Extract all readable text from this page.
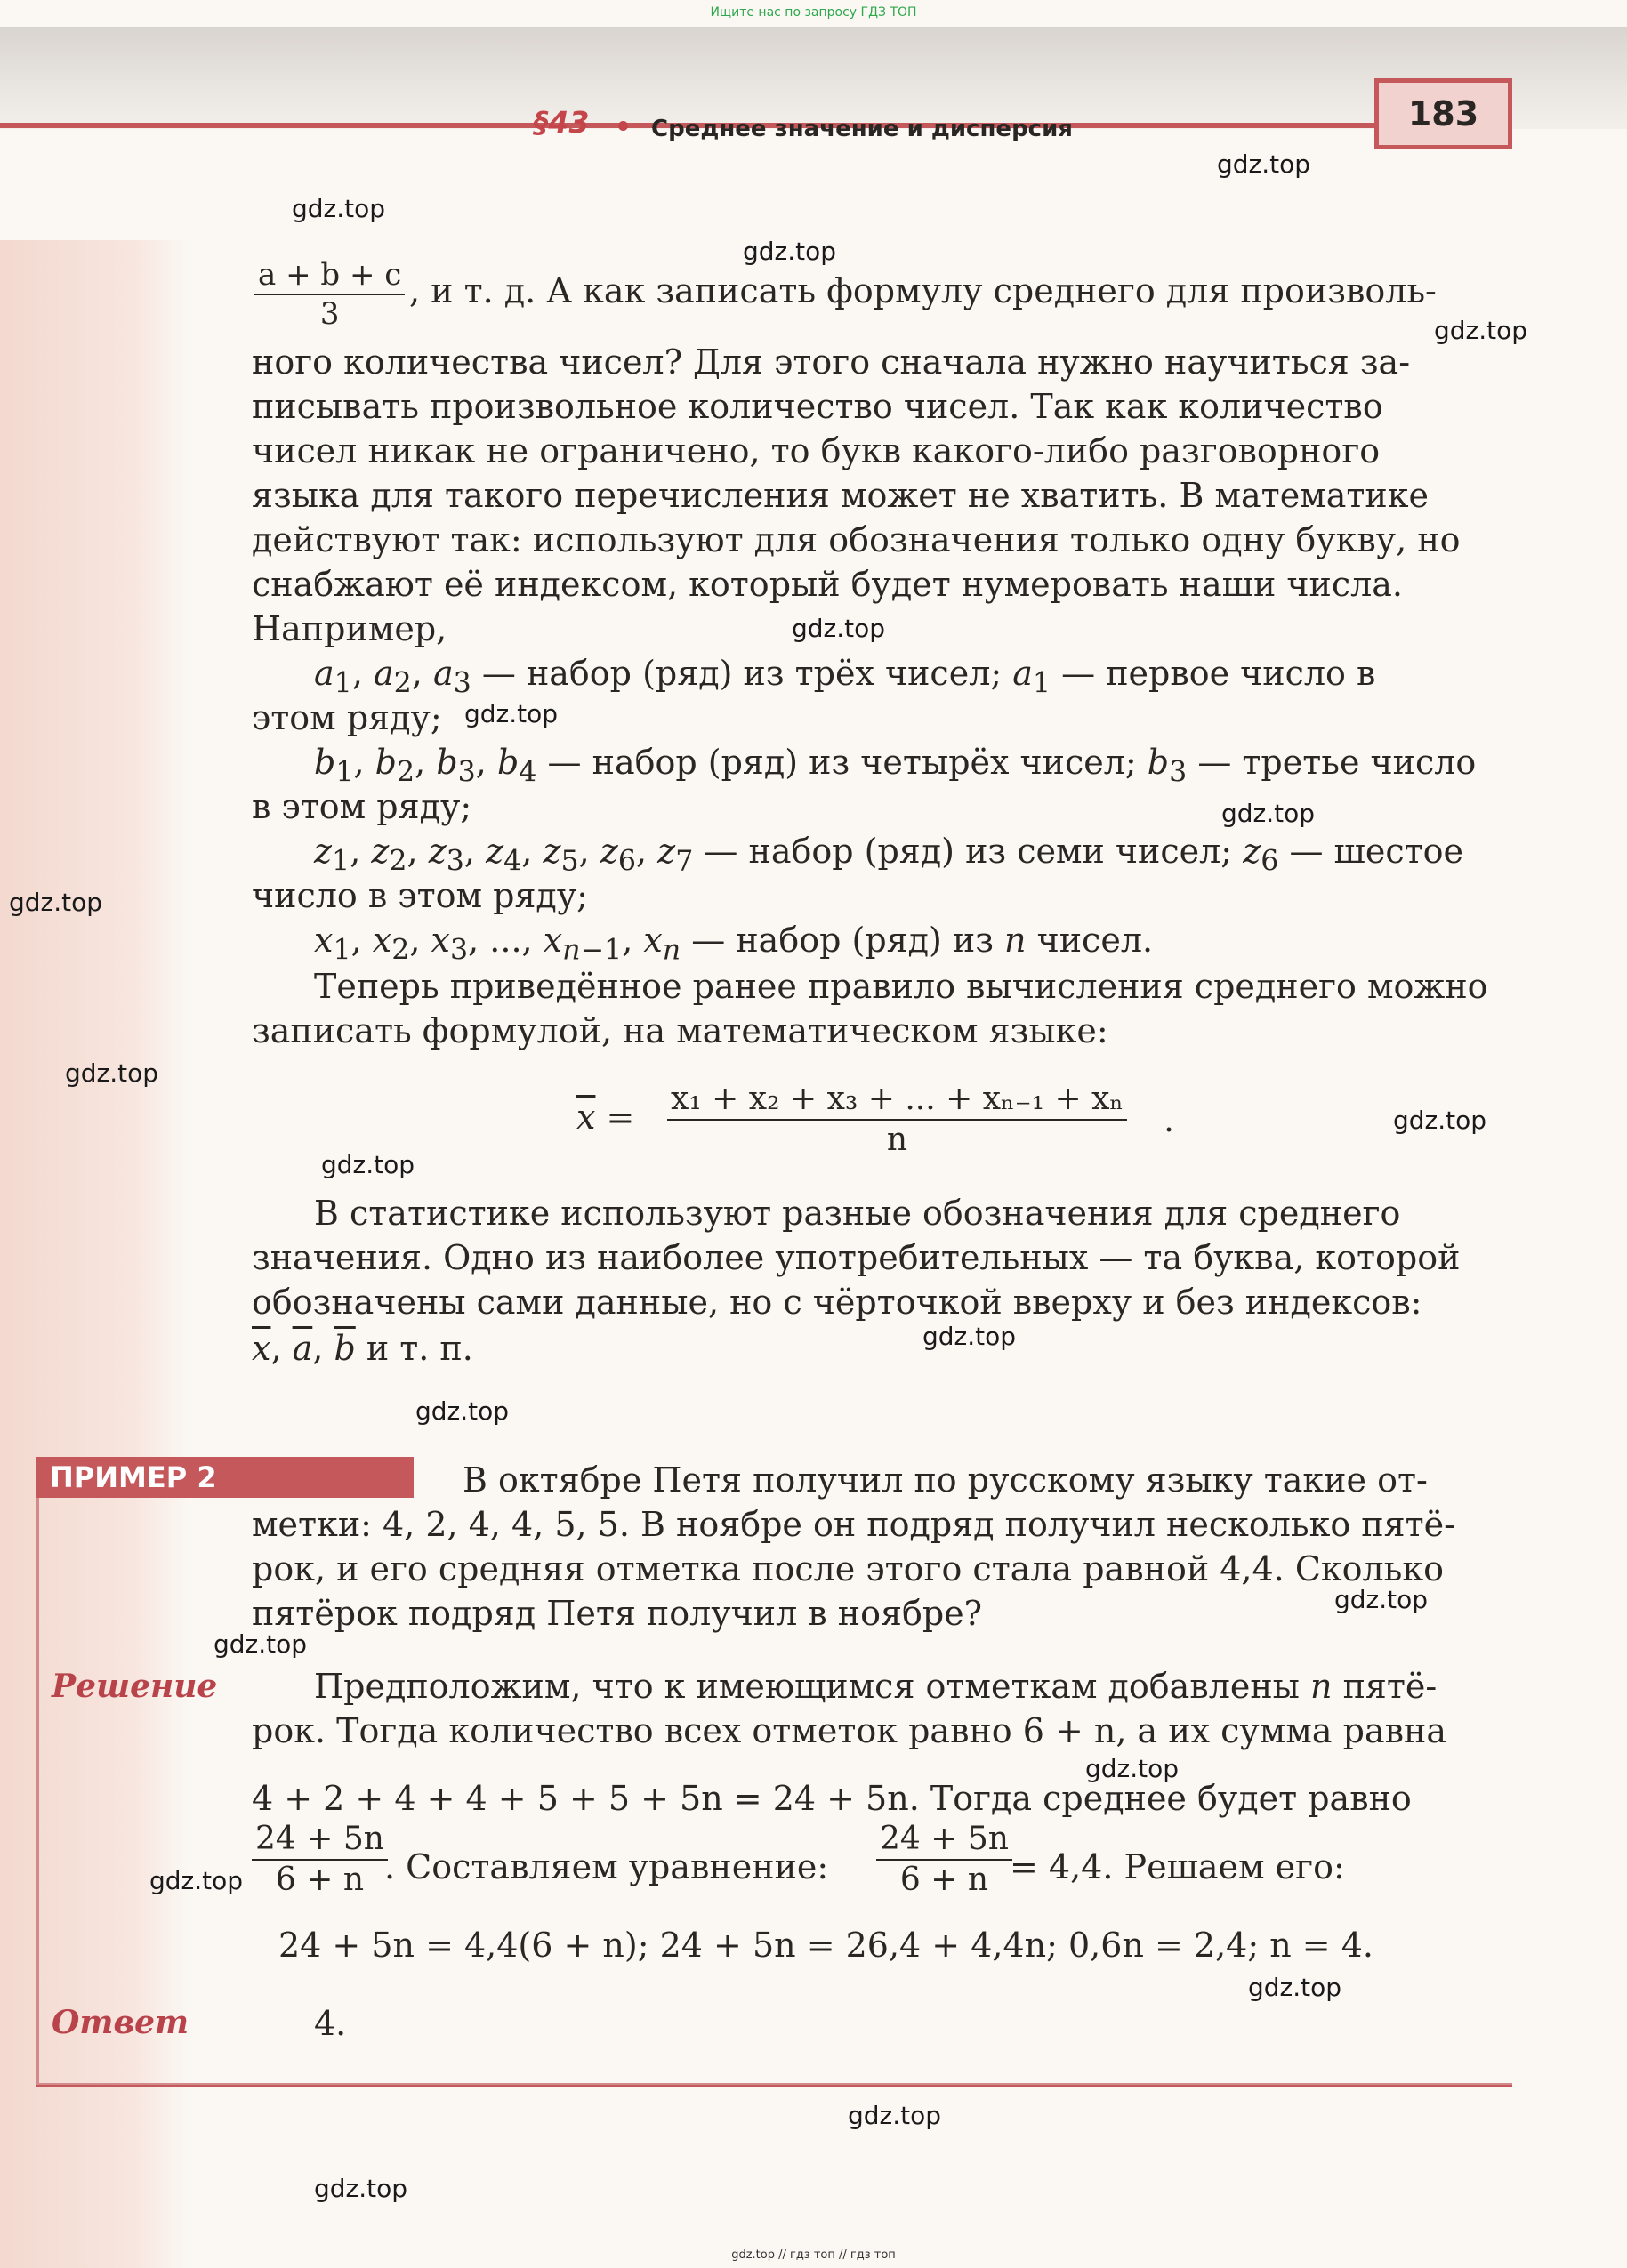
Ищите нас по запросу ГДЗ ТОП
§43	Среднее значение и дисперсия	183
gdz.top
gdz.top
gdz.top
gdz.top
gdz.top
gdz.top
gdz.top
gdz.top
gdz.top
gdz.top
gdz.top
gdz.top
gdz.top
gdz.top
gdz.top
gdz.top
gdz.top
gdz.top
gdz.top
gdz.top
a + b + c
3
, и т. д. А как записать формулу среднего для произволь-
ного количества чисел? Для этого сначала нужно научиться за-
писывать произвольное количество чисел. Так как количество
чисел никак не ограничено, то букв какого-либо разговорного
языка для такого перечисления может не хватить. В математике
действуют так: используют для обозначения только одну букву, но
снабжают её индексом, который будет нумеровать наши числа.
Например,
$a_1$, $a_2$, $a_3$ — набор (ряд) из трёх чисел; $a_1$ — первое число в
этом ряду;
$b_1$, $b_2$, $b_3$, $b_4$ — набор (ряд) из четырёх чисел; $b_3$ — третье число
в этом ряду;
$z_1$, $z_2$, $z_3$, $z_4$, $z_5$, $z_6$, $z_7$ — набор (ряд) из семи чисел; $z_6$ — шестое
число в этом ряду;
$x_1$, $x_2$, $x_3$, ..., $x_{n-1}$, $x_n$ — набор (ряд) из n чисел.
Теперь приведённое ранее правило вычисления среднего можно
записать формулой, на математическом языке:
$\overline{x} = x_1 + x_2 + x_3$ + ... + xₙ₋₁ + xₙ
n
.
В статистике используют разные обозначения для среднего
значения. Одно из наиболее употребительных — та буква, которой
обозначены сами данные, но с чёрточкой вверху и без индексов:
$\overline{x}$, $\overline{a}$, $\overline{b}$ и т. п.
ПРИМЕР 2	В октябре Петя получил по русскому языку такие от-
метки: 4, 2, 4, 4, 5, 5. В ноябре он подряд получил несколько пятё-
рок, и его средняя отметка после этого стала равной 4,4. Сколько
пятёрок подряд Петя получил в ноябре?
Решение	Предположим, что к имеющимся отметкам добавлены n пятё-
рок. Тогда количество всех отметок равно 6 + n, а их сумма равна
4 + 2 + 4 + 4 + 5 + 5 + 5n = 24 + 5n. Тогда среднее будет равно
24 + 5n
6 + n . Составляем уравнение:
24 + 5n
6 + n = 4,4. Решаем его:
24 + 5n = 4,4(6 + n); 24 + 5n = 26,4 + 4,4n; 0,6n = 2,4; n = 4.
Ответ	4.
gdz.top // гдз топ // гдз топ
